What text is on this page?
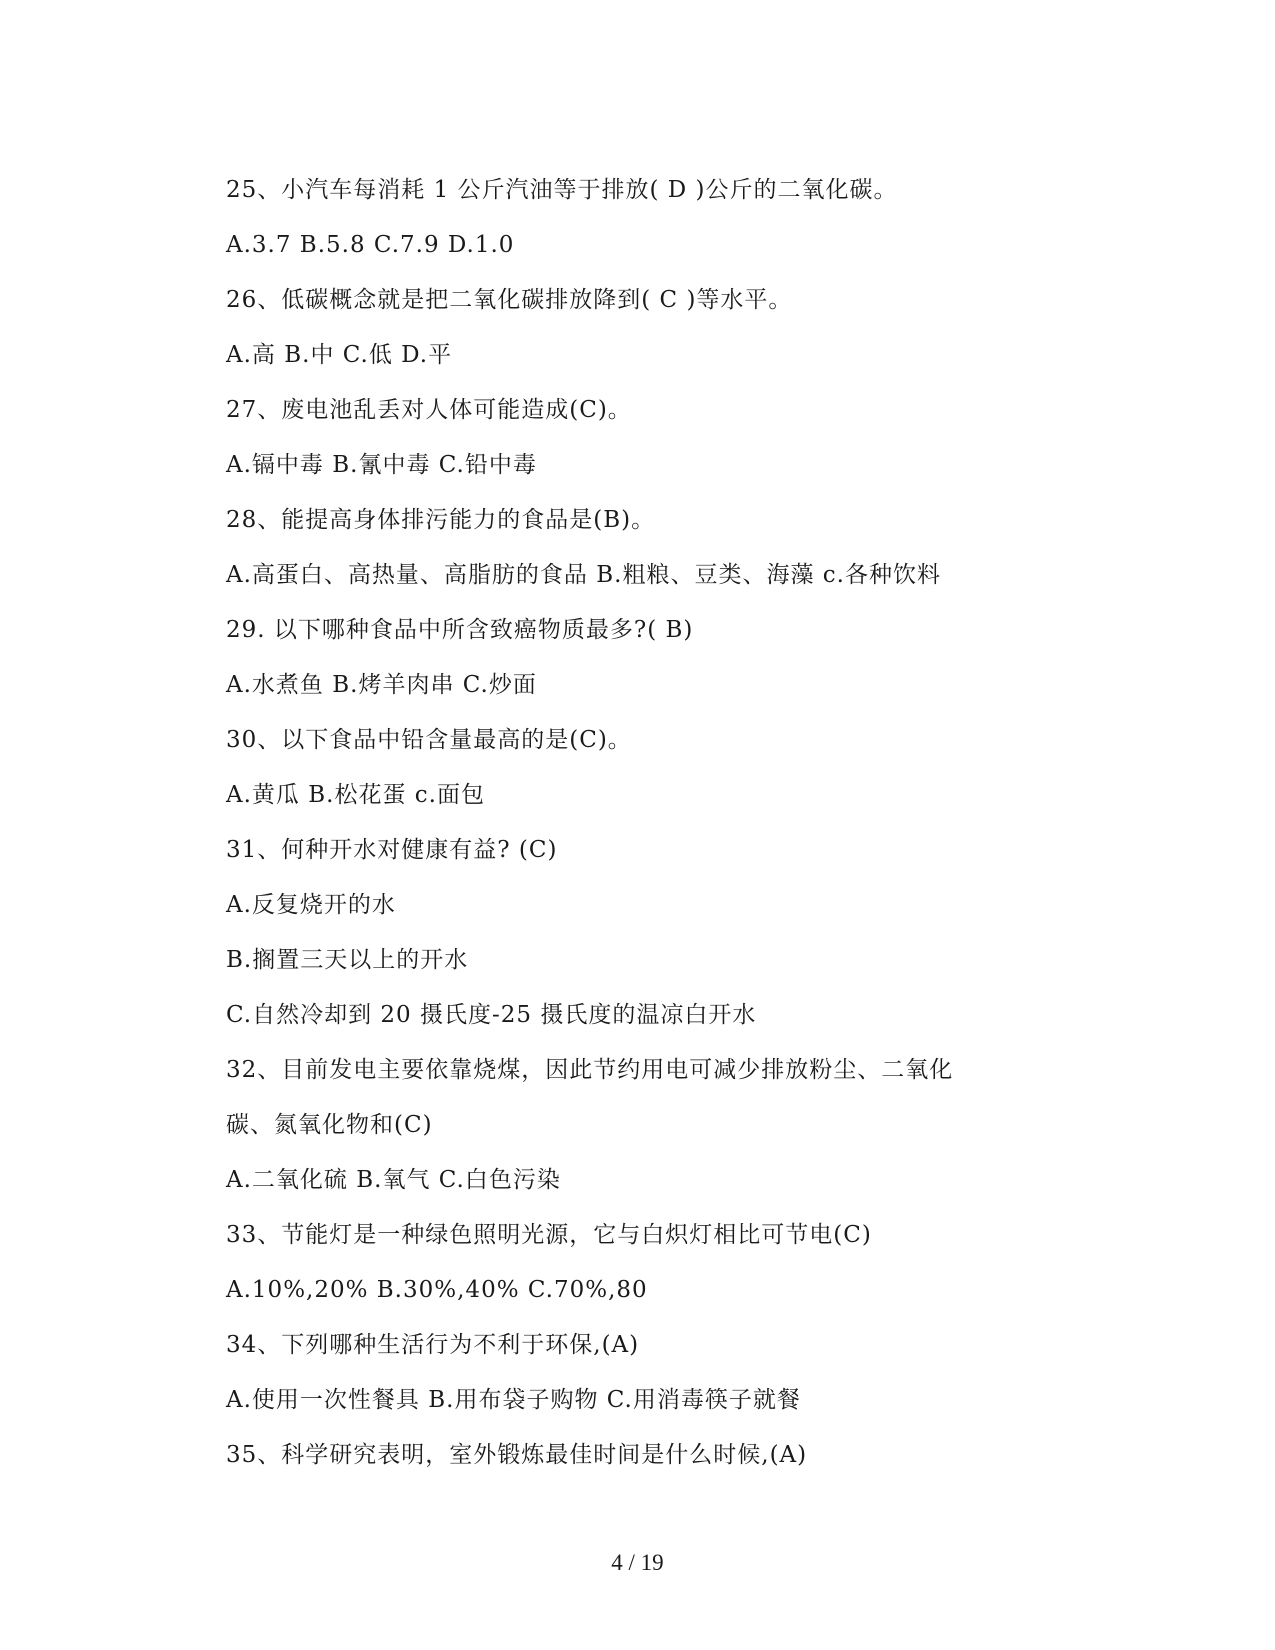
25、小汽车每消耗 1 公斤汽油等于排放( D )公斤的二氧化碳。
A.3.7 B.5.8 C.7.9 D.1.0
26、低碳概念就是把二氧化碳排放降到( C )等水平。
A.高 B.中 C.低 D.平
27、废电池乱丢对人体可能造成(C)。
A.镉中毒 B.氰中毒 C.铅中毒
28、能提高身体排污能力的食品是(B)。
A.高蛋白、高热量、高脂肪的食品 B.粗粮、豆类、海藻 c.各种饮料
29. 以下哪种食品中所含致癌物质最多?( B)
A.水煮鱼 B.烤羊肉串 C.炒面
30、以下食品中铅含量最高的是(C)。
A.黄瓜 B.松花蛋 c.面包
31、何种开水对健康有益? (C)
A.反复烧开的水
B.搁置三天以上的开水
C.自然冷却到 20 摄氏度-25 摄氏度的温凉白开水
32、目前发电主要依靠烧煤，因此节约用电可减少排放粉尘、二氧化
碳、氮氧化物和(C)
A.二氧化硫 B.氧气 C.白色污染
33、节能灯是一种绿色照明光源，它与白炽灯相比可节电(C)
A.10%,20% B.30%,40% C.70%,80
34、下列哪种生活行为不利于环保,(A)
A.使用一次性餐具 B.用布袋子购物 C.用消毒筷子就餐
35、科学研究表明，室外锻炼最佳时间是什么时候,(A)
4 / 19
